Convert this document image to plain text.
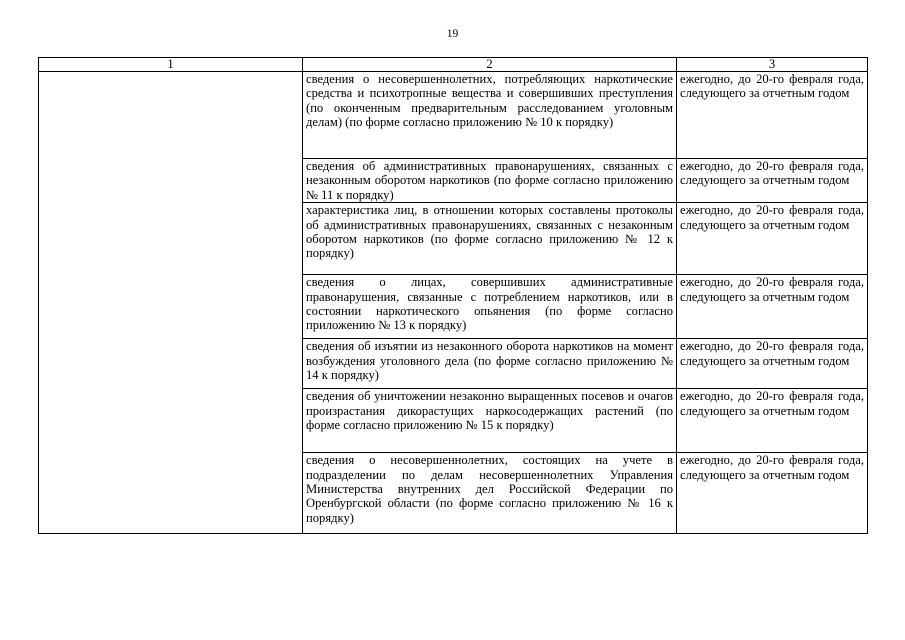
19
1	2	3
	сведения о несовершеннолетних, потребляющих наркотические средства и психотропные вещества и совершивших преступления (по оконченным предварительным расследованием уголовным делам) (по форме согласно приложению № 10 к порядку)	ежегодно, до 20-го февраля года, следующего за отчетным годом
	сведения об административных правонарушениях, связанных с незаконным оборотом наркотиков (по форме согласно приложению № 11 к порядку)	ежегодно, до 20-го февраля года, следующего за отчетным годом
	характеристика лиц, в отношении которых составлены протоколы об административных правонарушениях, связанных с незаконным оборотом наркотиков (по форме согласно приложению № 12 к порядку)	ежегодно, до 20-го февраля года, следующего за отчетным годом
	сведения о лицах, совершивших административные правонарушения, связанные с потреблением наркотиков, или в состоянии наркотического опьянения (по форме согласно приложению № 13 к порядку)	ежегодно, до 20-го февраля года, следующего за отчетным годом
	сведения об изъятии из незаконного оборота наркотиков на момент возбуждения уголовного дела (по форме согласно приложению № 14 к порядку)	ежегодно, до 20-го февраля года, следующего за отчетным годом
	сведения об уничтожении незаконно выращенных посевов и очагов произрастания дикорастущих наркосодержащих растений (по форме согласно приложению № 15 к порядку)	ежегодно, до 20-го февраля года, следующего за отчетным годом
	сведения о несовершеннолетних, состоящих на учете в подразделении по делам несовершеннолетних Управления Министерства внутренних дел Российской Федерации по Оренбургской области (по форме согласно приложению № 16 к порядку)	ежегодно, до 20-го февраля года, следующего за отчетным годом
